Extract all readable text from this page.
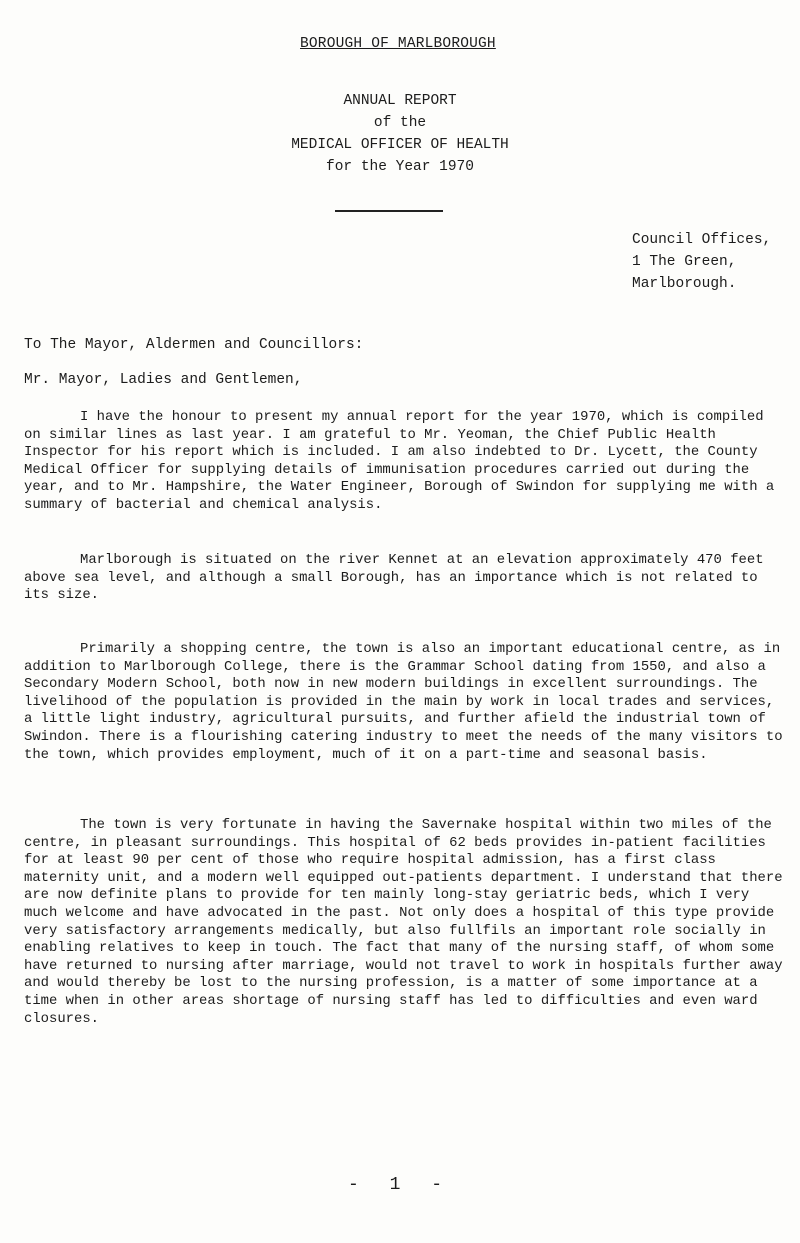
BOROUGH OF MARLBOROUGH
ANNUAL REPORT
of the
MEDICAL OFFICER OF HEALTH
for the Year 1970
Council Offices,
1 The Green,
Marlborough.
To The Mayor, Aldermen and Councillors:
Mr. Mayor, Ladies and Gentlemen,

I have the honour to present my annual report for the year 1970, which is compiled on similar lines as last year. I am grateful to Mr. Yeoman, the Chief Public Health Inspector for his report which is included. I am also indebted to Dr. Lycett, the County Medical Officer for supplying details of immunisation procedures carried out during the year, and to Mr. Hampshire, the Water Engineer, Borough of Swindon for supplying me with a summary of bacterial and chemical analysis.

Marlborough is situated on the river Kennet at an elevation approximately 470 feet above sea level, and although a small Borough, has an importance which is not related to its size.

Primarily a shopping centre, the town is also an important educational centre, as in addition to Marlborough College, there is the Grammar School dating from 1550, and also a Secondary Modern School, both now in new modern buildings in excellent surroundings. The livelihood of the population is provided in the main by work in local trades and services, a little light industry, agricultural pursuits, and further afield the industrial town of Swindon. There is a flourishing catering industry to meet the needs of the many visitors to the town, which provides employment, much of it on a part-time and seasonal basis.

The town is very fortunate in having the Savernake hospital within two miles of the centre, in pleasant surroundings. This hospital of 62 beds provides in-patient facilities for at least 90 per cent of those who require hospital admission, has a first class maternity unit, and a modern well equipped out-patients department. I understand that there are now definite plans to provide for ten mainly long-stay geriatric beds, which I very much welcome and have advocated in the past. Not only does a hospital of this type provide very satisfactory arrangements medically, but also fullfils an important role socially in enabling relatives to keep in touch. The fact that many of the nursing staff, of whom some have returned to nursing after marriage, would not travel to work in hospitals further away and would thereby be lost to the nursing profession, is a matter of some importance at a time when in other areas shortage of nursing staff has led to difficulties and even ward closures.

- 1 -
